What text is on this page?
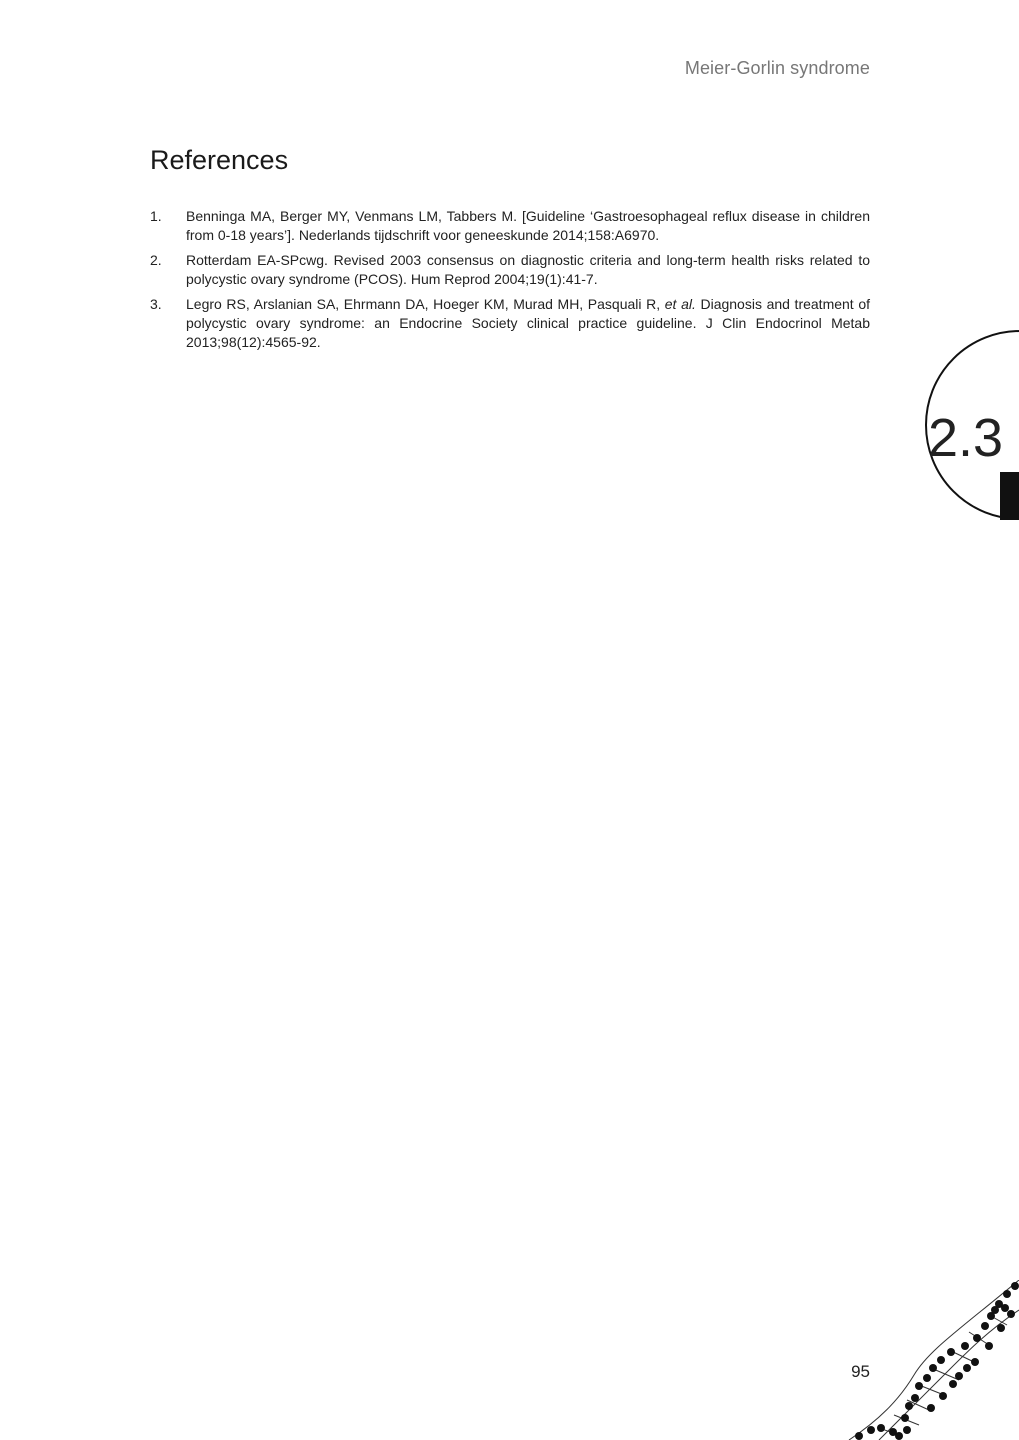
Meier-Gorlin syndrome
References
1. Benninga MA, Berger MY, Venmans LM, Tabbers M. [Guideline ‘Gastroesophageal reflux disease in children from 0-18 years’]. Nederlands tijdschrift voor geneeskunde 2014;158:A6970.
2. Rotterdam EA-SPcwg. Revised 2003 consensus on diagnostic criteria and long-term health risks related to polycystic ovary syndrome (PCOS). Hum Reprod 2004;19(1):41-7.
3. Legro RS, Arslanian SA, Ehrmann DA, Hoeger KM, Murad MH, Pasquali R, et al. Diagnosis and treatment of polycystic ovary syndrome: an Endocrine Society clinical practice guideline. J Clin Endocrinol Metab 2013;98(12):4565-92.
2.3
95
